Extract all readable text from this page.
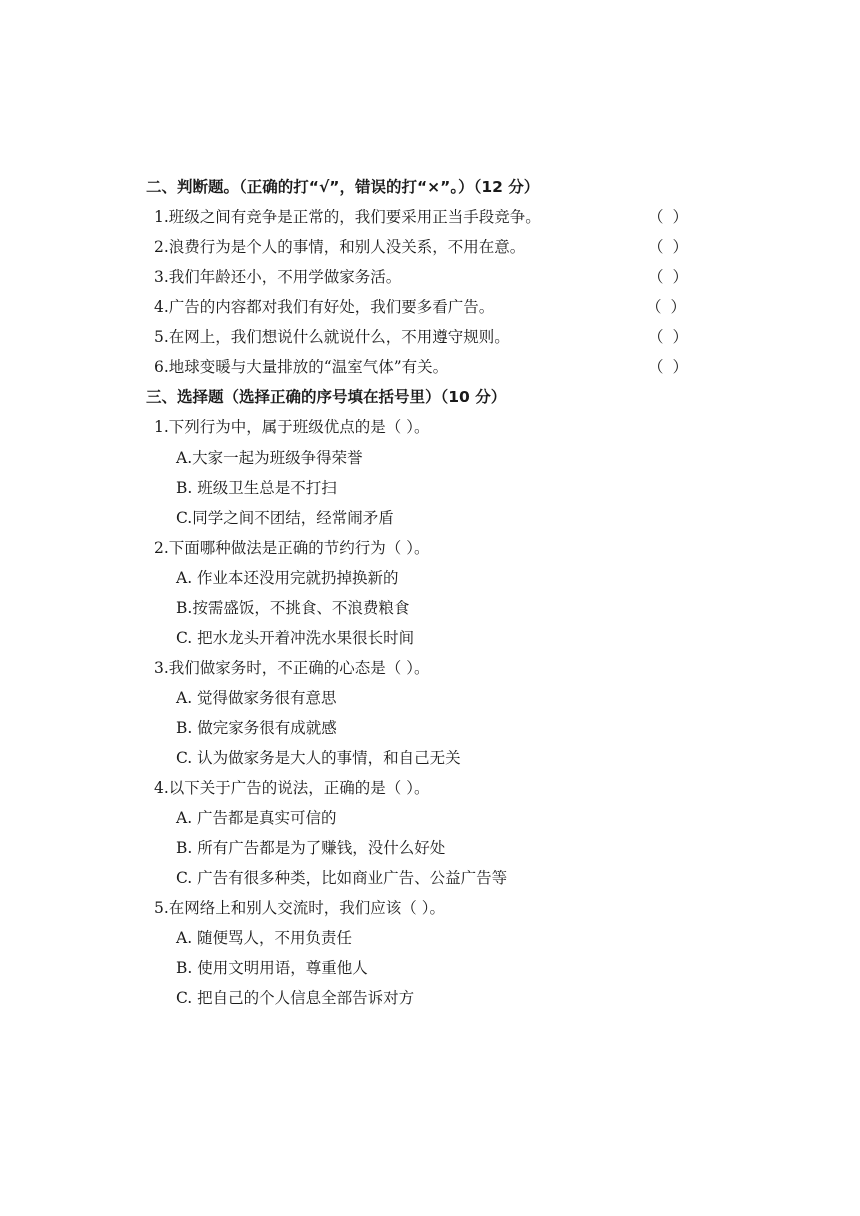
二、判断题。（正确的打“√”，错误的打“×”。）（12 分）
1.班级之间有竞争是正常的，我们要采用正当手段竞争。	（ ）
2.浪费行为是个人的事情，和别人没关系，不用在意。	（ ）
3.我们年龄还小，不用学做家务活。	（ ）
4.广告的内容都对我们有好处，我们要多看广告。	（ ）
5.在网上，我们想说什么就说什么，不用遵守规则。	（ ）
6.地球变暖与大量排放的“温室气体”有关。	（ ）
三、选择题（选择正确的序号填在括号里）（10 分）
1.下列行为中，属于班级优点的是（ ）。
A.大家一起为班级争得荣誉
B. 班级卫生总是不打扫
C.同学之间不团结，经常闹矛盾
2.下面哪种做法是正确的节约行为（ ）。
A. 作业本还没用完就扔掉换新的
B.按需盛饭，不挑食、不浪费粮食
C. 把水龙头开着冲洗水果很长时间
3.我们做家务时，不正确的心态是（ ）。
A. 觉得做家务很有意思
B. 做完家务很有成就感
C. 认为做家务是大人的事情，和自己无关
4.以下关于广告的说法，正确的是（ ）。
A. 广告都是真实可信的
B. 所有广告都是为了赚钱，没什么好处
C. 广告有很多种类，比如商业广告、公益广告等
5.在网络上和别人交流时，我们应该（ ）。
A. 随便骂人，不用负责任
B. 使用文明用语，尊重他人
C. 把自己的个人信息全部告诉对方
